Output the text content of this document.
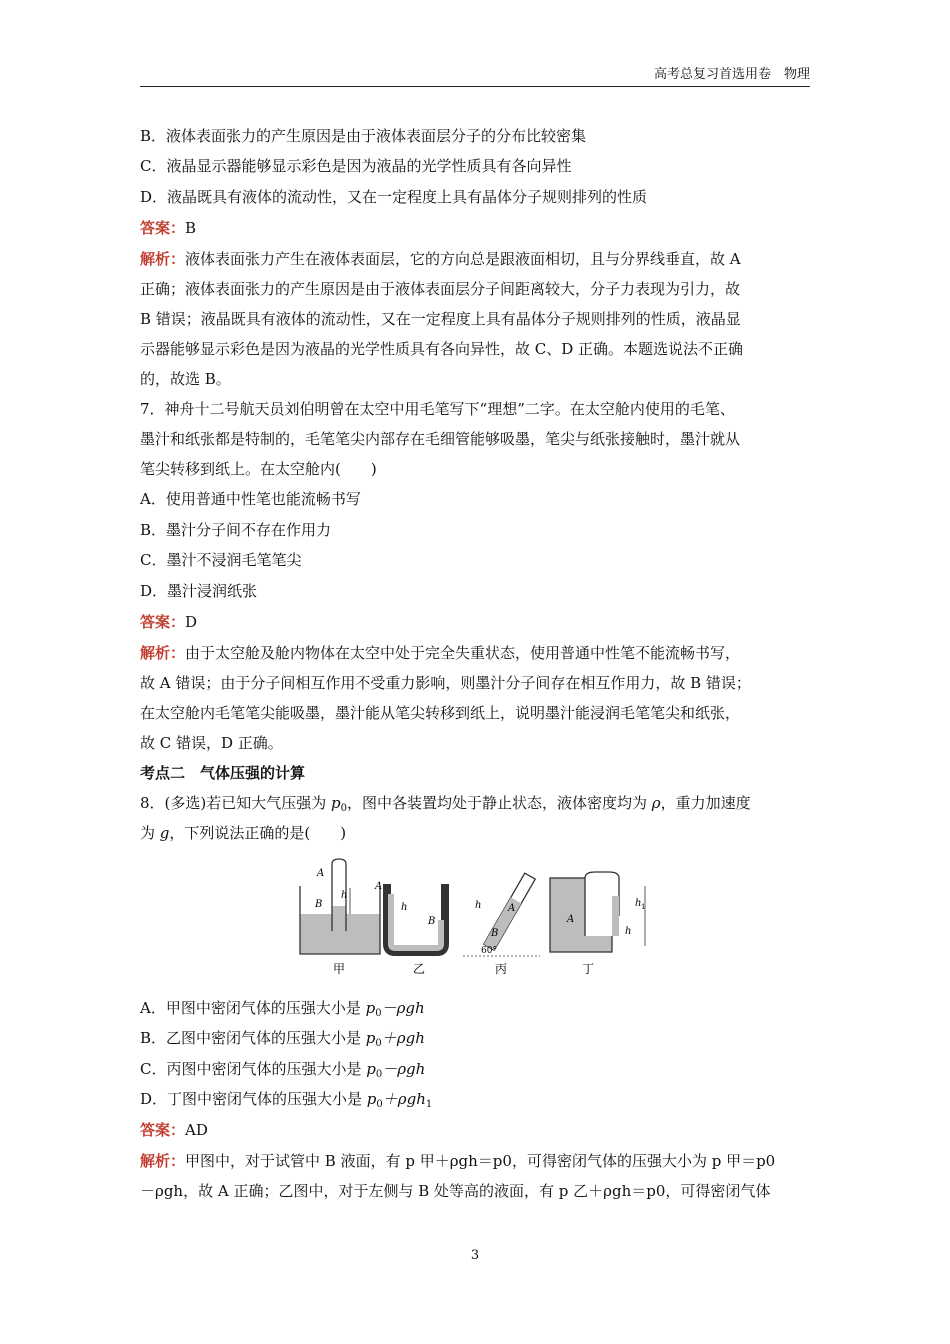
高考总复习首选用卷　物理
B．液体表面张力的产生原因是由于液体表面层分子的分布比较密集
C．液晶显示器能够显示彩色是因为液晶的光学性质具有各向异性
D．液晶既具有液体的流动性，又在一定程度上具有晶体分子规则排列的性质
答案：B
解析：液体表面张力产生在液体表面层，它的方向总是跟液面相切，且与分界线垂直，故 A
正确；液体表面张力的产生原因是由于液体表面层分子间距离较大，分子力表现为引力，故
B 错误；液晶既具有液体的流动性，又在一定程度上具有晶体分子规则排列的性质，液晶显
示器能够显示彩色是因为液晶的光学性质具有各向异性，故 C、D 正确。本题选说法不正确
的，故选 B。
7．神舟十二号航天员刘伯明曾在太空中用毛笔写下“理想”二字。在太空舱内使用的毛笔、
墨汁和纸张都是特制的，毛笔笔尖内部存在毛细管能够吸墨，笔尖与纸张接触时，墨汁就从
笔尖转移到纸上。在太空舱内(　　)
A．使用普通中性笔也能流畅书写
B．墨汁分子间不存在作用力
C．墨汁不浸润毛笔笔尖
D．墨汁浸润纸张
答案：D
解析：由于太空舱及舱内物体在太空中处于完全失重状态，使用普通中性笔不能流畅书写，
故 A 错误；由于分子间相互作用不受重力影响，则墨汁分子间存在相互作用力，故 B 错误；
在太空舱内毛笔笔尖能吸墨，墨汁能从笔尖转移到纸上，说明墨汁能浸润毛笔笔尖和纸张，
故 C 错误，D 正确。
考点二　气体压强的计算
8．(多选)若已知大气压强为 $p_0$，图中各装置均处于静止状态，液体密度均为 ρ，重力加速度
为 g，下列说法正确的是(　　)
A
B
h
甲
A
B
h
乙
h	A
B
60°
丙
A
h 1
h
丁
A．甲图中密闭气体的压强大小是 $p_0-\rho gh$
B．乙图中密闭气体的压强大小是 $p_0+\rho gh$
C．丙图中密闭气体的压强大小是 $p_0-\rho gh$
D．丁图中密闭气体的压强大小是 $p_0+\rho gh_1$
答案：AD
解析：甲图中，对于试管中 B 液面，有 p 甲＋ρgh＝p0，可得密闭气体的压强大小为 p 甲＝p0
－ρgh，故 A 正确；乙图中，对于左侧与 B 处等高的液面，有 p 乙＋ρgh＝p0，可得密闭气体
3
